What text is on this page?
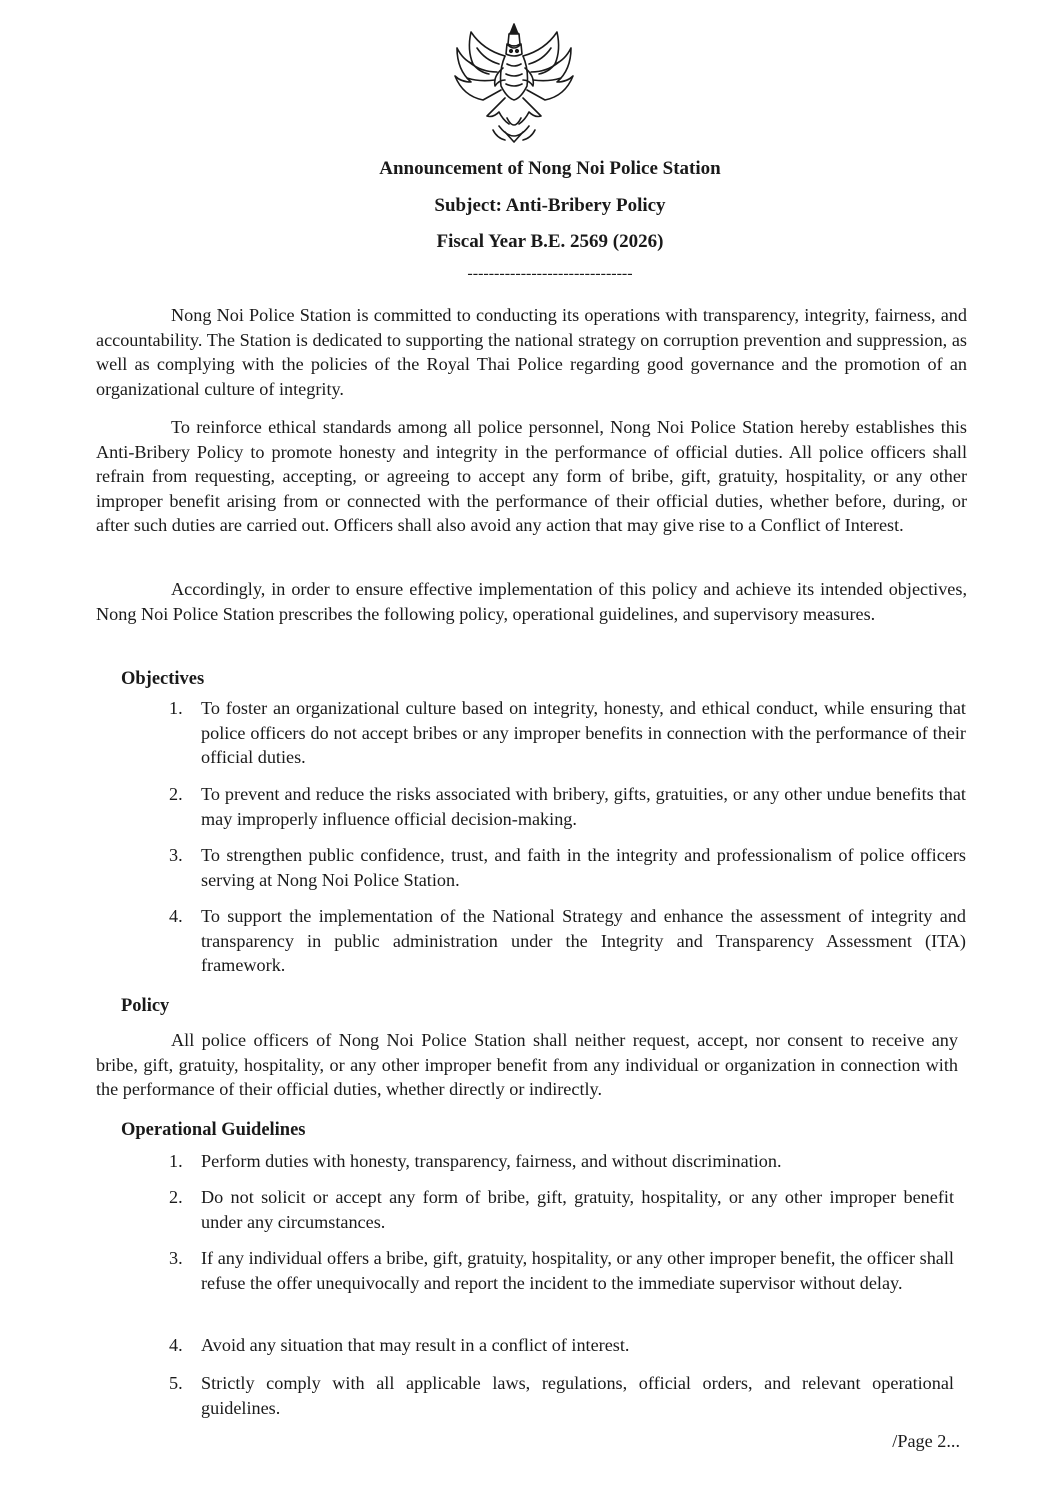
Announcement of Nong Noi Police Station
Subject: Anti-Bribery Policy
Fiscal Year B.E. 2569 (2026)
-------------------------------

Nong Noi Police Station is committed to conducting its operations with transparency, integrity, fairness, and accountability. The Station is dedicated to supporting the national strategy on corruption prevention and suppression, as well as complying with the policies of the Royal Thai Police regarding good governance and the promotion of an organizational culture of integrity.

To reinforce ethical standards among all police personnel, Nong Noi Police Station hereby establishes this Anti-Bribery Policy to promote honesty and integrity in the performance of official duties. All police officers shall refrain from requesting, accepting, or agreeing to accept any form of bribe, gift, gratuity, hospitality, or any other improper benefit arising from or connected with the performance of their official duties, whether before, during, or after such duties are carried out. Officers shall also avoid any action that may give rise to a Conflict of Interest.

Accordingly, in order to ensure effective implementation of this policy and achieve its intended objectives, Nong Noi Police Station prescribes the following policy, operational guidelines, and supervisory measures.

Objectives
1.	To foster an organizational culture based on integrity, honesty, and ethical conduct, while ensuring that police officers do not accept bribes or any improper benefits in connection with the performance of their official duties.
2.	To prevent and reduce the risks associated with bribery, gifts, gratuities, or any other undue benefits that may improperly influence official decision-making.
3.	To strengthen public confidence, trust, and faith in the integrity and professionalism of police officers serving at Nong Noi Police Station.
4.	To support the implementation of the National Strategy and enhance the assessment of integrity and transparency in public administration under the Integrity and Transparency Assessment (ITA) framework.
Policy

All police officers of Nong Noi Police Station shall neither request, accept, nor consent to receive any bribe, gift, gratuity, hospitality, or any other improper benefit from any individual or organization in connection with the performance of their official duties, whether directly or indirectly.

Operational Guidelines
1.	Perform duties with honesty, transparency, fairness, and without discrimination.
2.	Do not solicit or accept any form of bribe, gift, gratuity, hospitality, or any other improper benefit under any circumstances.
3.	If any individual offers a bribe, gift, gratuity, hospitality, or any other improper benefit, the officer shall refuse the offer unequivocally and report the incident to the immediate supervisor without delay.
4.	Avoid any situation that may result in a conflict of interest.
5.	Strictly comply with all applicable laws, regulations, official orders, and relevant operational guidelines.
/Page 2...
